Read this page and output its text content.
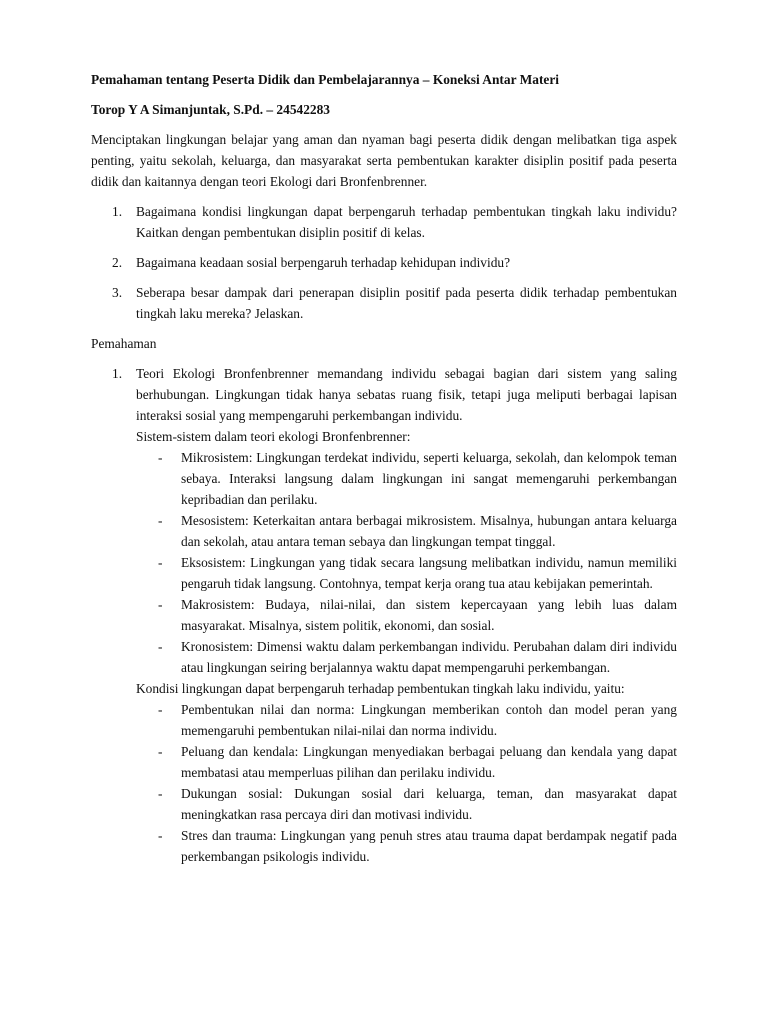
Pemahaman tentang Peserta Didik dan Pembelajarannya – Koneksi Antar Materi

Torop Y A Simanjuntak, S.Pd. – 24542283

Menciptakan lingkungan belajar yang aman dan nyaman bagi peserta didik dengan melibatkan tiga aspek penting, yaitu sekolah, keluarga, dan masyarakat serta pembentukan karakter disiplin positif pada peserta didik dan kaitannya dengan teori Ekologi dari Bronfenbrenner.

1. Bagaimana kondisi lingkungan dapat berpengaruh terhadap pembentukan tingkah laku individu? Kaitkan dengan pembentukan disiplin positif di kelas.
2. Bagaimana keadaan sosial berpengaruh terhadap kehidupan individu?
3. Seberapa besar dampak dari penerapan disiplin positif pada peserta didik terhadap pembentukan tingkah laku mereka? Jelaskan.

Pemahaman

1. Teori Ekologi Bronfenbrenner memandang individu sebagai bagian dari sistem yang saling berhubungan. Lingkungan tidak hanya sebatas ruang fisik, tetapi juga meliputi berbagai lapisan interaksi sosial yang mempengaruhi perkembangan individu.

Sistem-sistem dalam teori ekologi Bronfenbrenner:

- Mikrosistem: Lingkungan terdekat individu, seperti keluarga, sekolah, dan kelompok teman sebaya. Interaksi langsung dalam lingkungan ini sangat memengaruhi perkembangan kepribadian dan perilaku.
- Mesosistem: Keterkaitan antara berbagai mikrosistem. Misalnya, hubungan antara keluarga dan sekolah, atau antara teman sebaya dan lingkungan tempat tinggal.
- Eksosistem: Lingkungan yang tidak secara langsung melibatkan individu, namun memiliki pengaruh tidak langsung. Contohnya, tempat kerja orang tua atau kebijakan pemerintah.
- Makrosistem: Budaya, nilai-nilai, dan sistem kepercayaan yang lebih luas dalam masyarakat. Misalnya, sistem politik, ekonomi, dan sosial.
- Kronosistem: Dimensi waktu dalam perkembangan individu. Perubahan dalam diri individu atau lingkungan seiring berjalannya waktu dapat mempengaruhi perkembangan.

Kondisi lingkungan dapat berpengaruh terhadap pembentukan tingkah laku individu, yaitu:

- Pembentukan nilai dan norma: Lingkungan memberikan contoh dan model peran yang memengaruhi pembentukan nilai-nilai dan norma individu.
- Peluang dan kendala: Lingkungan menyediakan berbagai peluang dan kendala yang dapat membatasi atau memperluas pilihan dan perilaku individu.
- Dukungan sosial: Dukungan sosial dari keluarga, teman, dan masyarakat dapat meningkatkan rasa percaya diri dan motivasi individu.
- Stres dan trauma: Lingkungan yang penuh stres atau trauma dapat berdampak negatif pada perkembangan psikologis individu.
